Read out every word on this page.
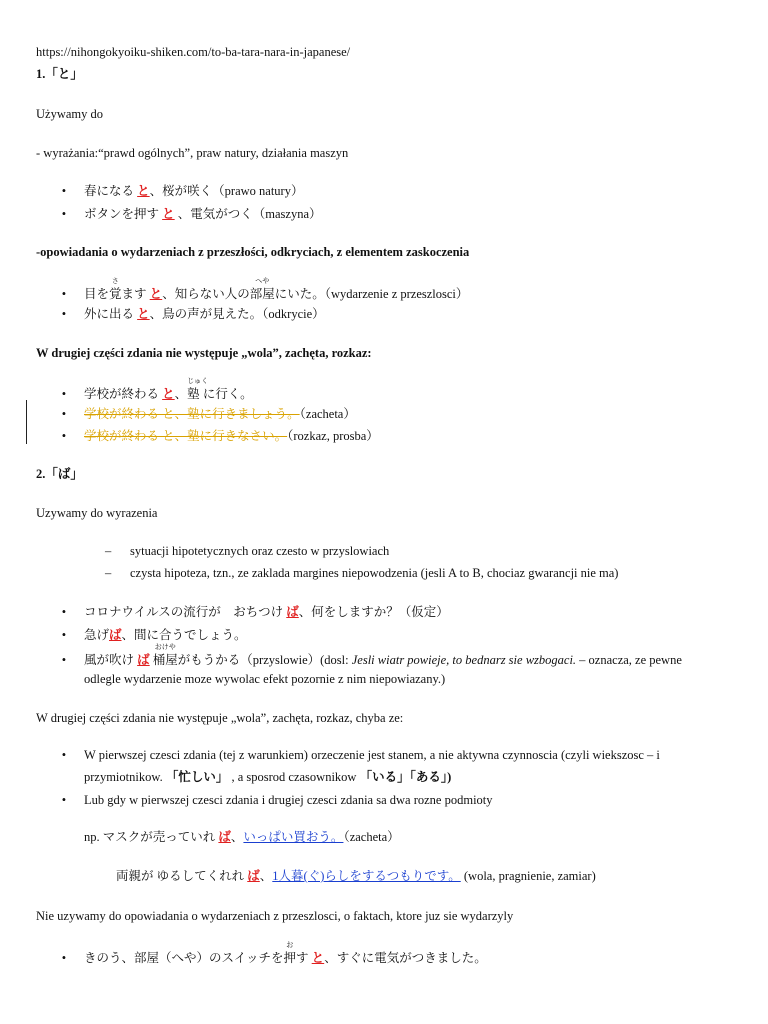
https://nihongokyoiku-shiken.com/to-ba-tara-nara-in-japanese/
1.「と」
Używamy do
- wyrażania:“prawd ogólnych”, praw natury, działania maszyn
• 春になる と、桜が咲く（prawo natury）
• ボタンを押す と 、電気がつく（maszyna）
-opowiadania o wydarzeniach z przeszłości, odkryciach, z elementem zaskoczenia
• 目を
さ
覚ます と、知らない人の
へや
部屋にいた。（wydarzenie z przeszlosci）
• 外に出る と、鳥の声が見えた。（odkrycie）
W drugiej części zdania nie występuje „wola”, zachęta, rozkaz:
• 学校が終わる と、
じゅく
塾 に行く。
• 学校が終わる と、塾に行きましょう。（zacheta）
• 学校が終わる と、塾に行きなさい。（rozkaz, prosba）
2.「ば」
Uzywamy do wyrazenia
– sytuacji hipotetycznych oraz czesto w przyslowiach
– czysta hipoteza, tzn., ze zaklada margines niepowodzenia (jesli A to B, chociaz gwarancji nie ma)
• コロナウイルスの流行が　おちつけ ば、何をしますか？（仮定）
• 急げば、間に合うでしょう。
• 風が吹け ば
おけや
桶屋がもうかる（przyslowie）(dosl: Jesli wiatr powieje, to bednarz sie wzbogaci. – oznacza, ze pewne
odlegle wydarzenie moze wywolac efekt pozornie z nim niepowiazany.)
W drugiej części zdania nie występuje „wola”, zachęta, rozkaz, chyba ze:
• W pierwszej czesci zdania (tej z warunkiem) orzeczenie jest stanem, a nie aktywna czynnoscia (czyli wiekszosc – i
przymiotnikow. 「忙しい」 , a sposrod czasownikow 「いる」「ある」)
• Lub gdy w pierwszej czesci zdania i drugiej czesci zdania sa dwa rozne podmioty
np. マスクが売っていれ ば、いっぱい買おう。（zacheta）
両親が ゆるしてくれれ ば、1人暮(ぐ)らしをするつもりです。 (wola, pragnienie, zamiar)
Nie uzywamy do opowiadania o wydarzeniach z przeszlosci, o faktach, ktore juz sie wydarzyly
• きのう、部屋（へや）のスイッチを
お
押す と、すぐに電気がつきました。
